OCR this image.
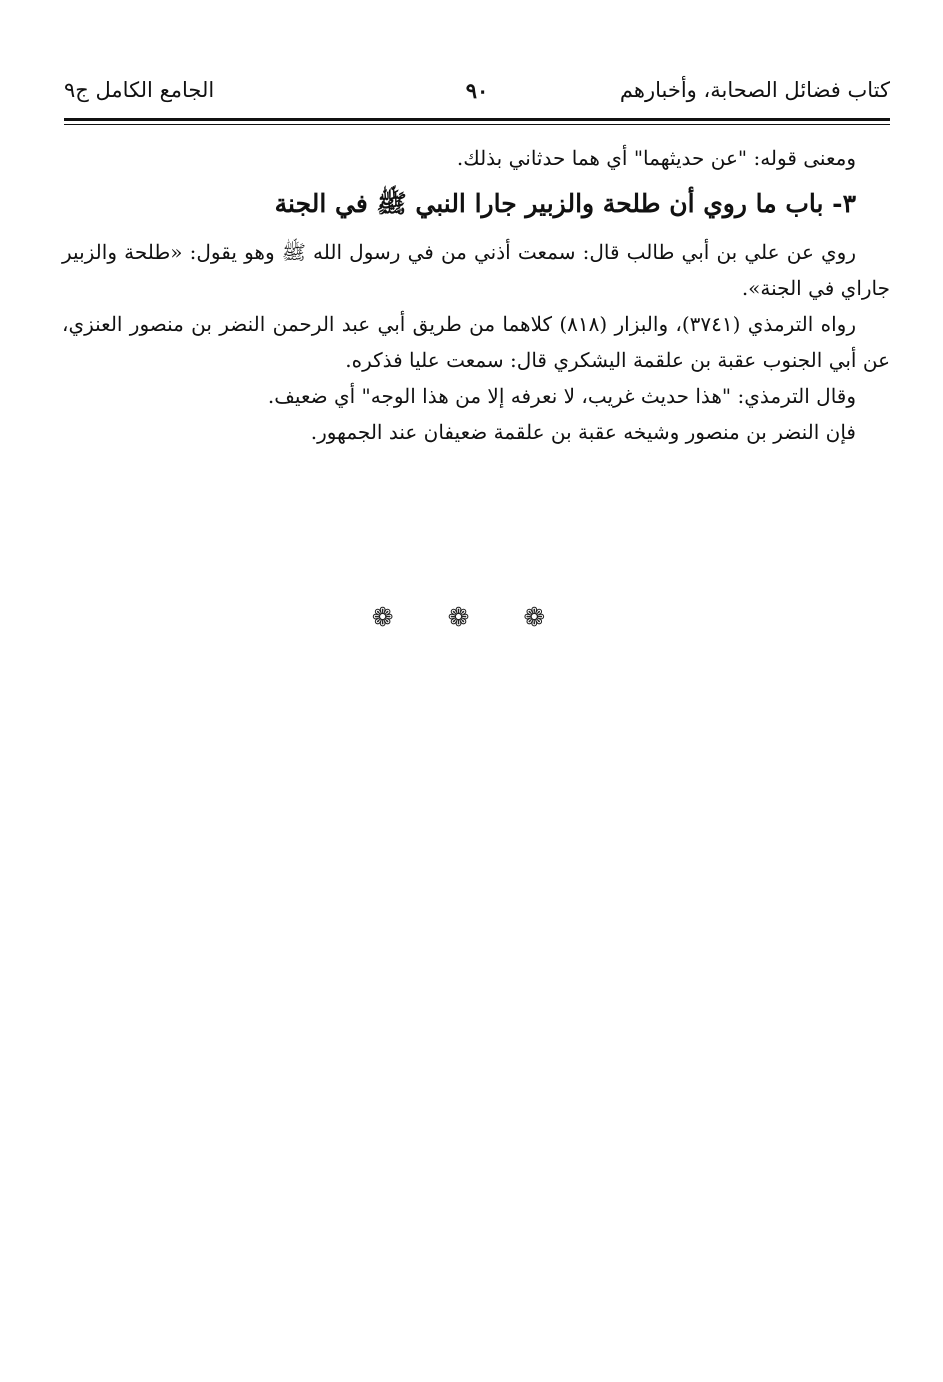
كتاب فضائل الصحابة، وأخبارهم
٩٠
الجامع الكامل ج٩

ومعنى قوله: "عن حديثهما" أي هما حدثاني بذلك.

٣- باب ما روي أن طلحة والزبير جارا النبي ﷺ في الجنة

روي عن علي بن أبي طالب قال: سمعت أذني من في رسول الله ﷺ وهو يقول: «طلحة والزبير جاراي في الجنة».

رواه الترمذي (٣٧٤١)، والبزار (٨١٨) كلاهما من طريق أبي عبد الرحمن النضر بن منصور العنزي، عن أبي الجنوب عقبة بن علقمة اليشكري قال: سمعت عليا فذكره.

وقال الترمذي: "هذا حديث غريب، لا نعرفه إلا من هذا الوجه" أي ضعيف.

فإن النضر بن منصور وشيخه عقبة بن علقمة ضعيفان عند الجمهور.

❁ ❁ ❁
